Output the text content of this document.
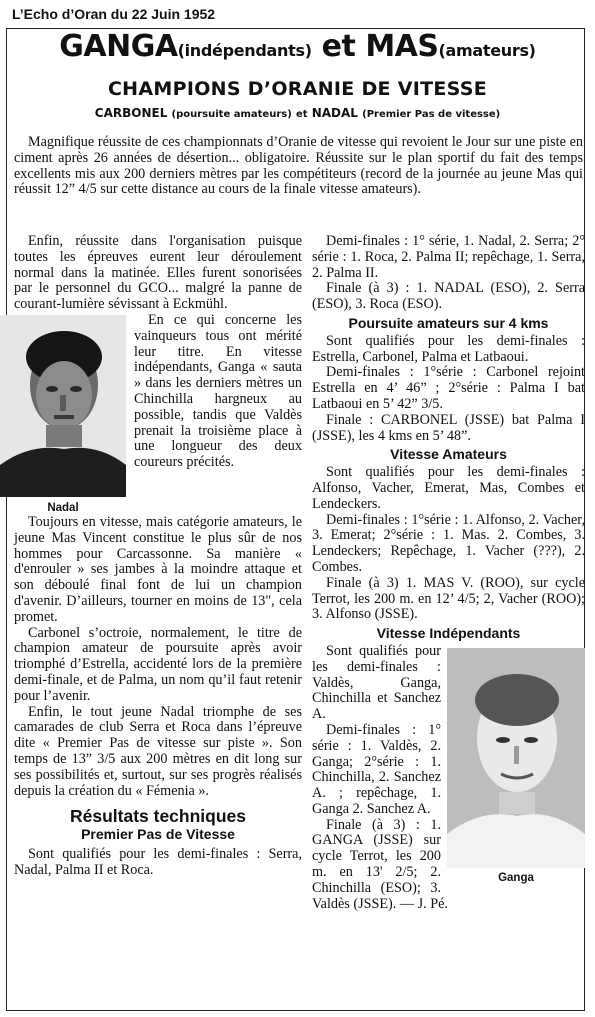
L’Echo d’Oran du 22 Juin 1952
GANGA(indépendants) et MAS(amateurs)
CHAMPIONS D’ORANIE DE VITESSE
CARBONEL (poursuite amateurs) et NADAL (Premier Pas de vitesse)

Magnifique réussite de ces championnats d’Oranie de vitesse qui revoient le Jour sur une piste en ciment après 26 années de désertion... obligatoire. Réussite sur le plan sportif du fait des temps excellents mis aux 200 derniers mètres par les compétiteurs (record de la journée au jeune Mas qui réussit 12” 4/5 sur cette distance au cours de la finale vitesse amateurs).

Enfin, réussite dans l'organisation puisque toutes les épreuves eurent leur déroulement normal dans la matinée. Elles furent sonorisées par le personnel du GCO... malgré la panne de courant-lumière sévissant à Eckmühl.

Nadal

En ce qui concerne les vainqueurs tous ont mérité leur titre. En vitesse indépendants, Ganga « sauta » dans les derniers mètres un Chinchilla hargneux au possible, tandis que Valdès prenait la troisième place à une longueur des deux coureurs précités.

Toujours en vitesse, mais catégorie amateurs, le jeune Mas Vincent constitue le plus sûr de nos hommes pour Carcassonne. Sa manière « d'enrouler » ses jambes à la moindre attaque et son déboulé final font de lui un champion d'avenir. D’ailleurs, tourner en moins de 13", cela promet.

Carbonel s’octroie, normalement, le titre de champion amateur de poursuite après avoir triomphé d’Estrella, accidenté lors de la première demi-finale, et de Palma, un nom qu’il faut retenir pour l’avenir.

Enfin, le tout jeune Nadal triomphe de ses camarades de club Serra et Roca dans l’épreuve dite « Premier Pas de vitesse sur piste ». Son temps de 13” 3/5 aux 200 mètres en dit long sur ses possibilités et, surtout, sur ses progrès réalisés depuis la création du « Fémenia ».

Résultats techniques
Premier Pas de Vitesse

Sont qualifiés pour les demi-finales : Serra, Nadal, Palma II et Roca.

Demi-finales : 1° série, 1. Nadal, 2. Serra; 2° série : 1. Roca, 2. Palma II; repêchage, 1. Serra, 2. Palma II.

Finale (à 3) : 1. NADAL (ESO), 2. Serra (ESO), 3. Roca (ESO).

Poursuite amateurs sur 4 kms

Sont qualifiés pour les demi-finales : Estrella, Carbonel, Palma et Latbaoui.

Demi-finales : 1°série : Carbonel rejoint Estrella en 4’ 46” ; 2°série : Palma I bat Latbaoui en 5’ 42” 3/5.

Finale : CARBONEL (JSSE) bat Palma I (JSSE), les 4 kms en 5’ 48”.

Vitesse Amateurs

Sont qualifiés pour les demi-finales : Alfonso, Vacher, Emerat, Mas, Combes et Lendeckers.

Demi-finales : 1°série : 1. Alfonso, 2. Vacher, 3. Emerat; 2°série : 1. Mas. 2. Combes, 3. Lendeckers; Repêchage, 1. Vacher (???), 2. Combes.

Finale (à 3) 1. MAS V. (ROO), sur cycle Terrot, les 200 m. en 12’ 4/5; 2, Vacher (ROO); 3. Alfonso (JSSE).

Vitesse Indépendants
Ganga

Sont qualifiés pour les demi-finales : Valdès, Ganga, Chinchilla et Sanchez A.

Demi-finales : 1° série : 1. Valdès, 2. Ganga; 2°série : 1. Chinchilla, 2. Sanchez A. ; repêchage, 1. Ganga 2. Sanchez A.

Finale (à 3) : 1. GANGA (JSSE) sur cycle Terrot, les 200 m. en 13' 2/5; 2. Chinchilla (ESO); 3. Valdès (JSSE). — J. Pé.
